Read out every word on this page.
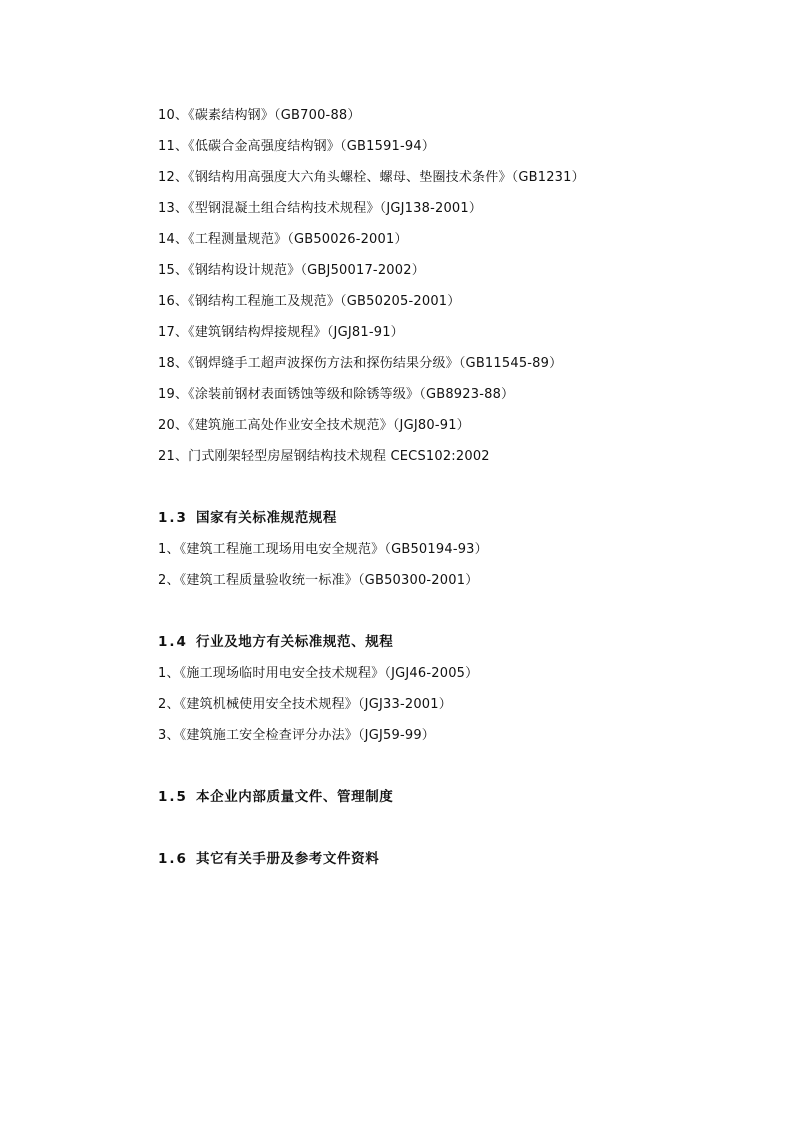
10、《碳素结构钢》（GB700-88）
11、《低碳合金高强度结构钢》（GB1591-94）
12、《钢结构用高强度大六角头螺栓、螺母、垫圈技术条件》（GB1231）
13、《型钢混凝土组合结构技术规程》（JGJ138-2001）
14、《工程测量规范》（GB50026-2001）
15、《钢结构设计规范》（GBJ50017-2002）
16、《钢结构工程施工及规范》（GB50205-2001）
17、《建筑钢结构焊接规程》（JGJ81-91）
18、《钢焊缝手工超声波探伤方法和探伤结果分级》（GB11545-89）
19、《涂装前钢材表面锈蚀等级和除锈等级》（GB8923-88）
20、《建筑施工高处作业安全技术规范》（JGJ80-91）
21、门式刚架轻型房屋钢结构技术规程 CECS102:2002
1.3 国家有关标准规范规程
1、《建筑工程施工现场用电安全规范》（GB50194-93）
2、《建筑工程质量验收统一标准》（GB50300-2001）
1.4 行业及地方有关标准规范、规程
1、《施工现场临时用电安全技术规程》（JGJ46-2005）
2、《建筑机械使用安全技术规程》（JGJ33-2001）
3、《建筑施工安全检查评分办法》（JGJ59-99）
1.5 本企业内部质量文件、管理制度
1.6 其它有关手册及参考文件资料
